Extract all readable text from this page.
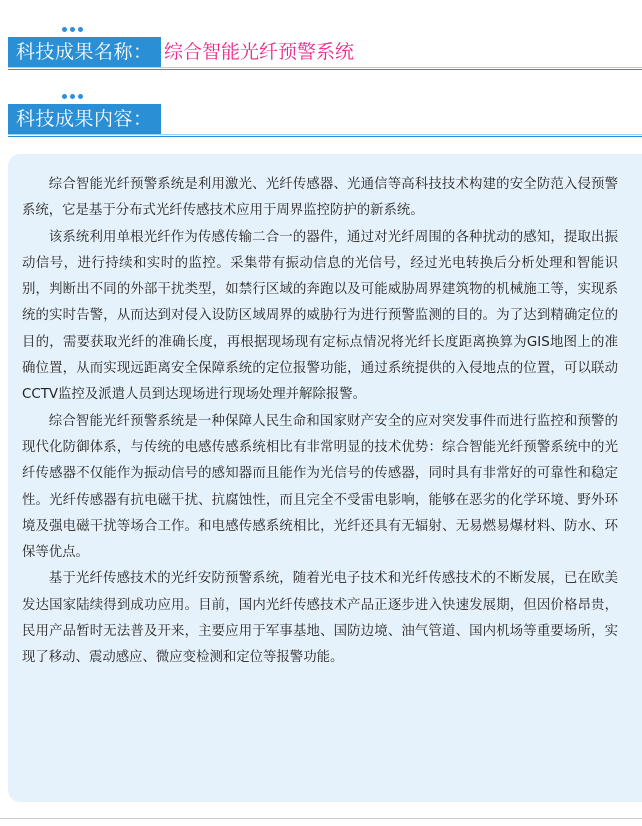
科技成果名称： 综合智能光纤预警系统
科技成果内容：

综合智能光纤预警系统是利用激光、光纤传感器、光通信等高科技技术构建的安全防范入侵预警系统，它是基于分布式光纤传感技术应用于周界监控防护的新系统。

该系统利用单根光纤作为传感传输二合一的器件，通过对光纤周围的各种扰动的感知，提取出振动信号，进行持续和实时的监控。采集带有振动信息的光信号，经过光电转换后分析处理和智能识别，判断出不同的外部干扰类型，如禁行区域的奔跑以及可能威胁周界建筑物的机械施工等，实现系统的实时告警，从而达到对侵入设防区域周界的威胁行为进行预警监测的目的。为了达到精确定位的目的，需要获取光纤的准确长度，再根据现场现有定标点情况将光纤长度距离换算为GIS地图上的准确位置，从而实现远距离安全保障系统的定位报警功能，通过系统提供的入侵地点的位置，可以联动CCTV监控及派遣人员到达现场进行现场处理并解除报警。

综合智能光纤预警系统是一种保障人民生命和国家财产安全的应对突发事件而进行监控和预警的现代化防御体系，与传统的电感传感系统相比有非常明显的技术优势：综合智能光纤预警系统中的光纤传感器不仅能作为振动信号的感知器而且能作为光信号的传感器，同时具有非常好的可靠性和稳定性。光纤传感器有抗电磁干扰、抗腐蚀性，而且完全不受雷电影响，能够在恶劣的化学环境、野外环境及强电磁干扰等场合工作。和电感传感系统相比，光纤还具有无辐射、无易燃易爆材料、防水、环保等优点。

基于光纤传感技术的光纤安防预警系统，随着光电子技术和光纤传感技术的不断发展，已在欧美发达国家陆续得到成功应用。目前，国内光纤传感技术产品正逐步进入快速发展期，但因价格昂贵，民用产品暂时无法普及开来，主要应用于军事基地、国防边境、油气管道、国内机场等重要场所，实现了移动、震动感应、微应变检测和定位等报警功能。
